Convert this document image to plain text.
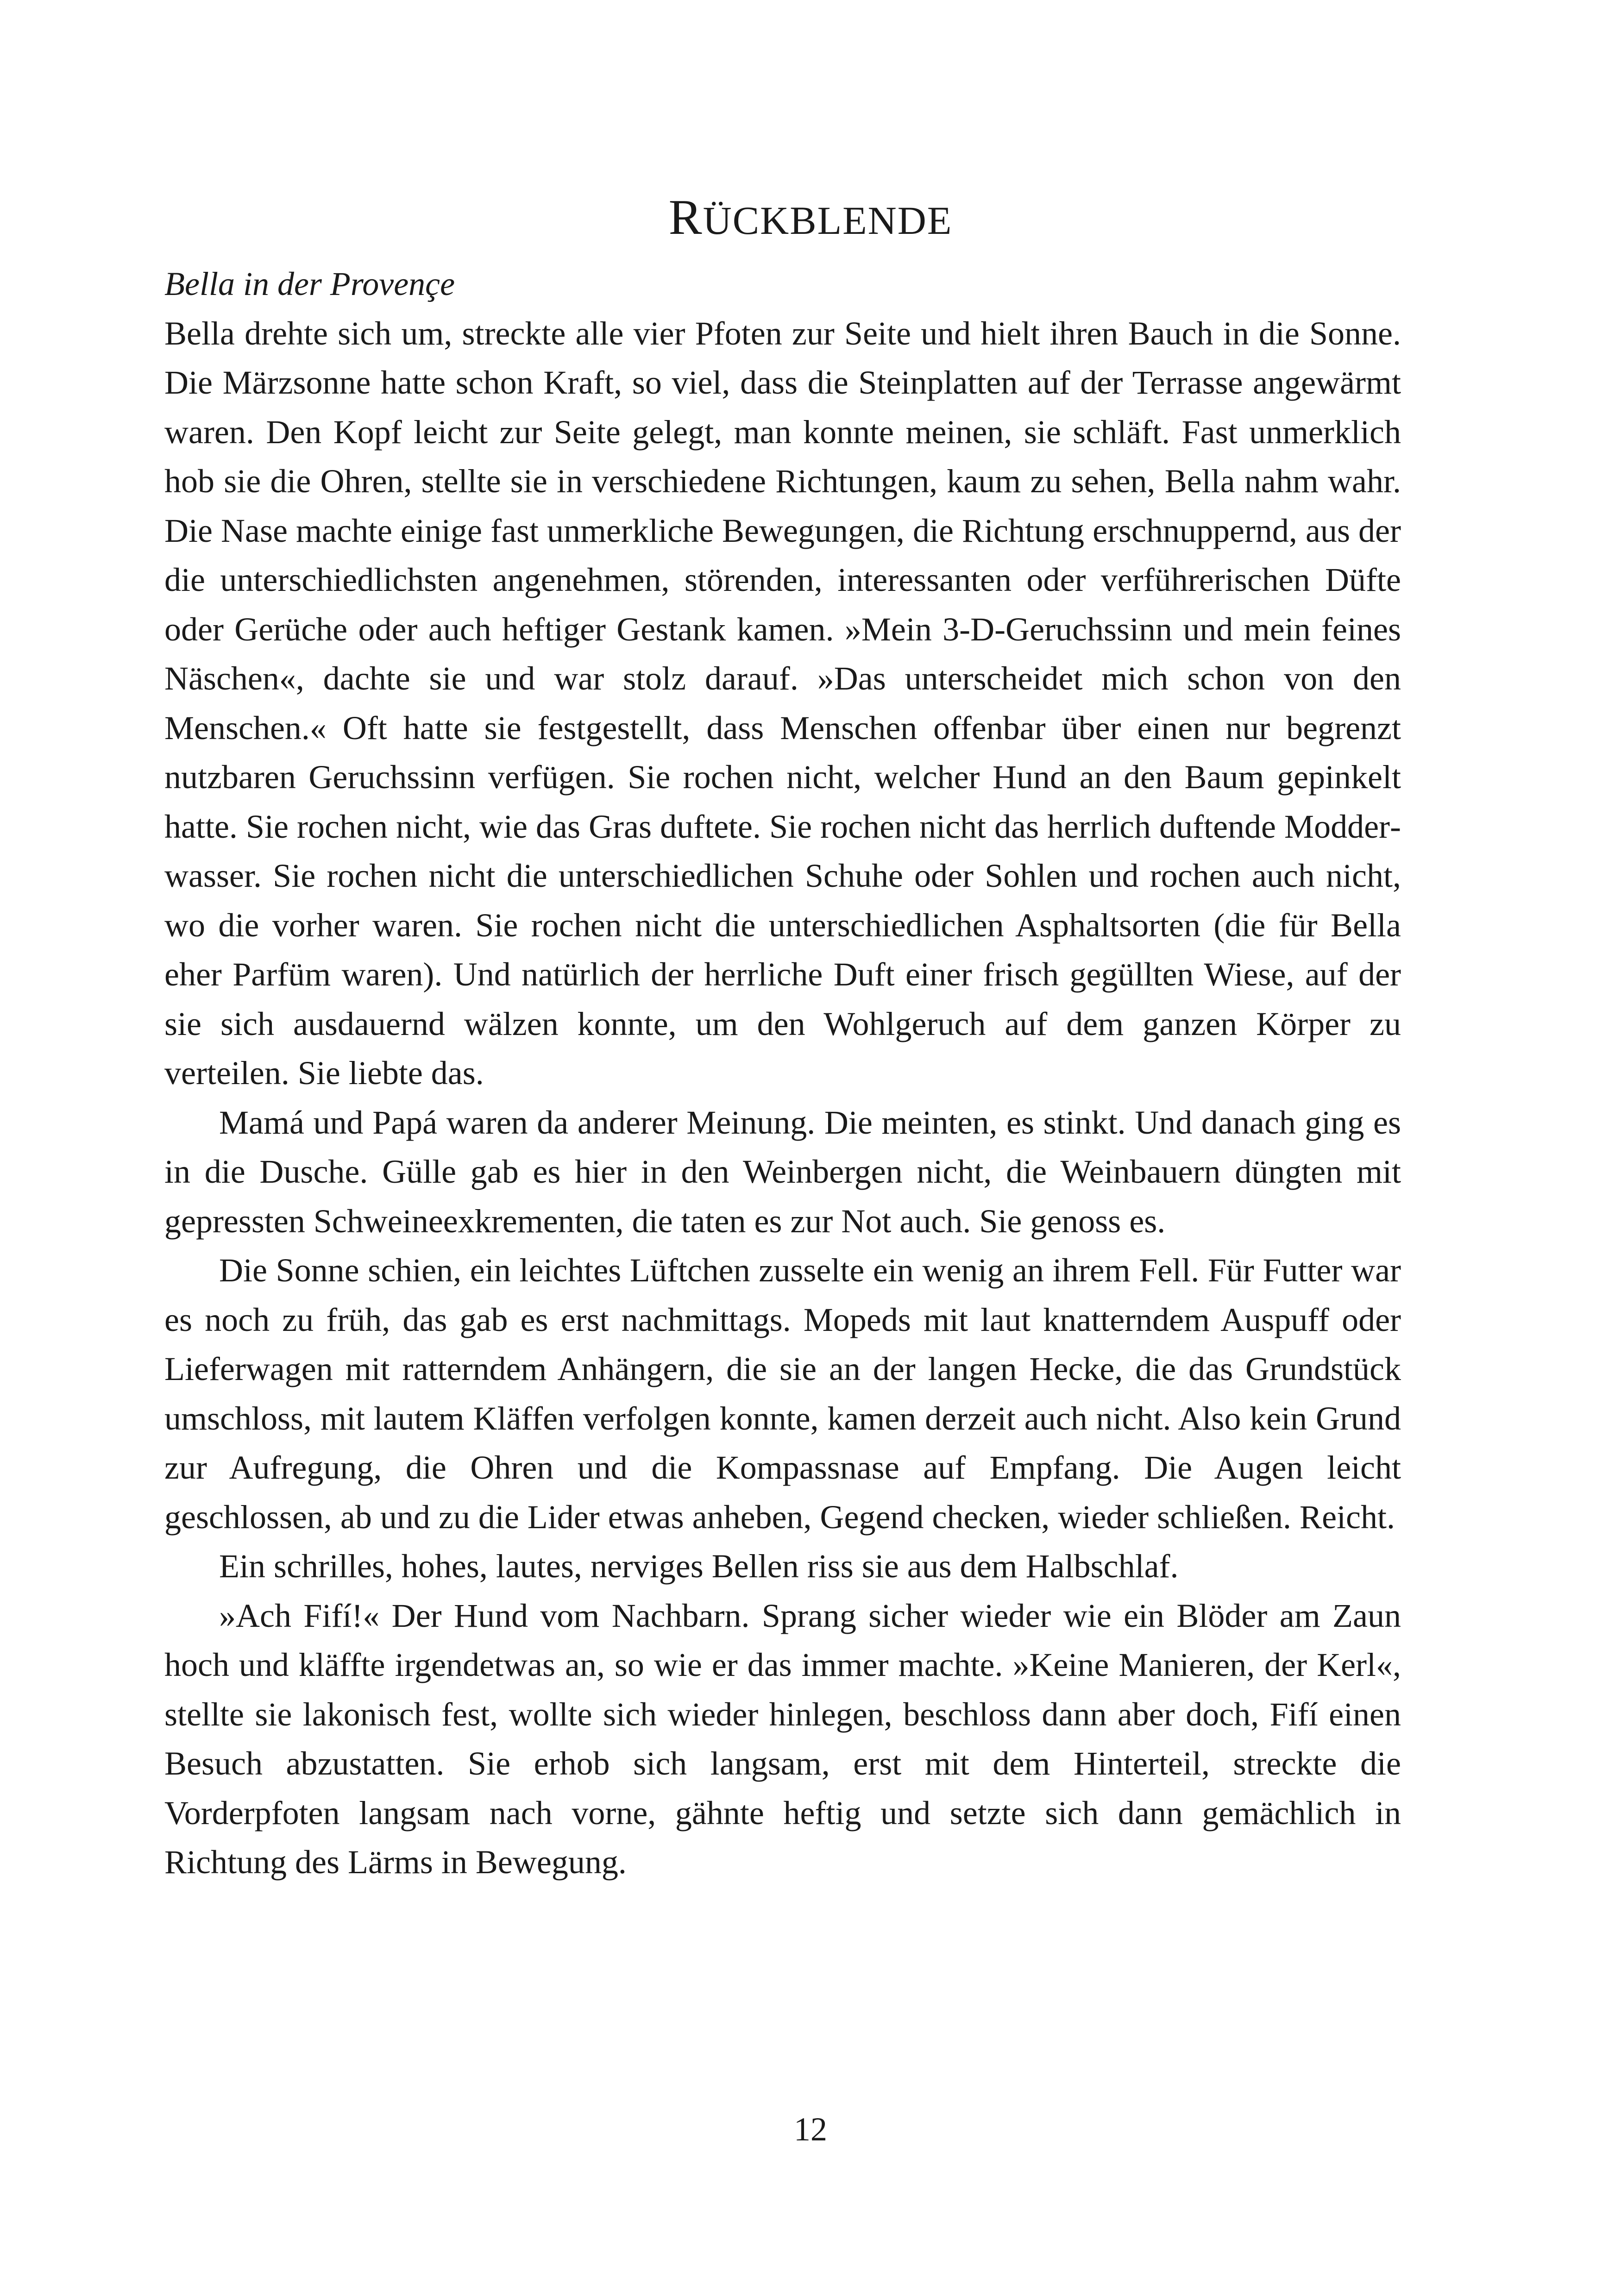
RÜCKBLENDE
Bella in der Provençe

Bella drehte sich um, streckte alle vier Pfoten zur Seite und hielt ihren Bauch in die Sonne. Die Märzsonne hatte schon Kraft, so viel, dass die Steinplatten auf der Terrasse angewärmt waren. Den Kopf leicht zur Seite gelegt, man konnte meinen, sie schläft. Fast unmerklich hob sie die Ohren, stellte sie in verschiedene Richtungen, kaum zu sehen, Bella nahm wahr. Die Nase machte einige fast unmerkliche Bewegungen, die Richtung erschnuppernd, aus der die unterschiedlichsten angenehmen, störenden, interessanten oder verführerischen Düfte oder Gerüche oder auch heftiger Gestank kamen. »Mein 3-D-Geruchssinn und mein feines Näschen«, dachte sie und war stolz darauf. »Das unterscheidet mich schon von den Menschen.« Oft hatte sie festgestellt, dass Menschen offenbar über einen nur begrenzt nutzbaren Geruchssinn verfügen. Sie rochen nicht, welcher Hund an den Baum gepinkelt hatte. Sie rochen nicht, wie das Gras duftete. Sie rochen nicht das herrlich duftende Modderwasser. Sie rochen nicht die unterschiedlichen Schuhe oder Sohlen und rochen auch nicht, wo die vorher waren. Sie rochen nicht die unterschiedlichen Asphaltsorten (die für Bella eher Parfüm waren). Und natürlich der herrliche Duft einer frisch gegüllten Wiese, auf der sie sich ausdauernd wälzen konnte, um den Wohlgeruch auf dem ganzen Körper zu verteilen. Sie liebte das.

Mamá und Papá waren da anderer Meinung. Die meinten, es stinkt. Und danach ging es in die Dusche. Gülle gab es hier in den Weinbergen nicht, die Weinbauern düngten mit gepressten Schweineexkrementen, die taten es zur Not auch. Sie genoss es.

Die Sonne schien, ein leichtes Lüftchen zusselte ein wenig an ihrem Fell. Für Futter war es noch zu früh, das gab es erst nachmittags. Mopeds mit laut knatterndem Auspuff oder Lieferwagen mit ratterndem Anhängern, die sie an der langen Hecke, die das Grundstück umschloss, mit lautem Kläffen verfolgen konnte, kamen derzeit auch nicht. Also kein Grund zur Aufregung, die Ohren und die Kompassnase auf Empfang. Die Augen leicht geschlossen, ab und zu die Lider etwas anheben, Gegend checken, wieder schließen. Reicht.

Ein schrilles, hohes, lautes, nerviges Bellen riss sie aus dem Halbschlaf.

»Ach Fifí!« Der Hund vom Nachbarn. Sprang sicher wieder wie ein Blöder am Zaun hoch und kläffte irgendetwas an, so wie er das immer machte. »Keine Manieren, der Kerl«, stellte sie lakonisch fest, wollte sich wieder hinlegen, beschloss dann aber doch, Fifí einen Besuch abzustatten. Sie erhob sich langsam, erst mit dem Hinterteil, streckte die Vorderpfoten langsam nach vorne, gähnte heftig und setzte sich dann gemächlich in Richtung des Lärms in Bewegung.

12
